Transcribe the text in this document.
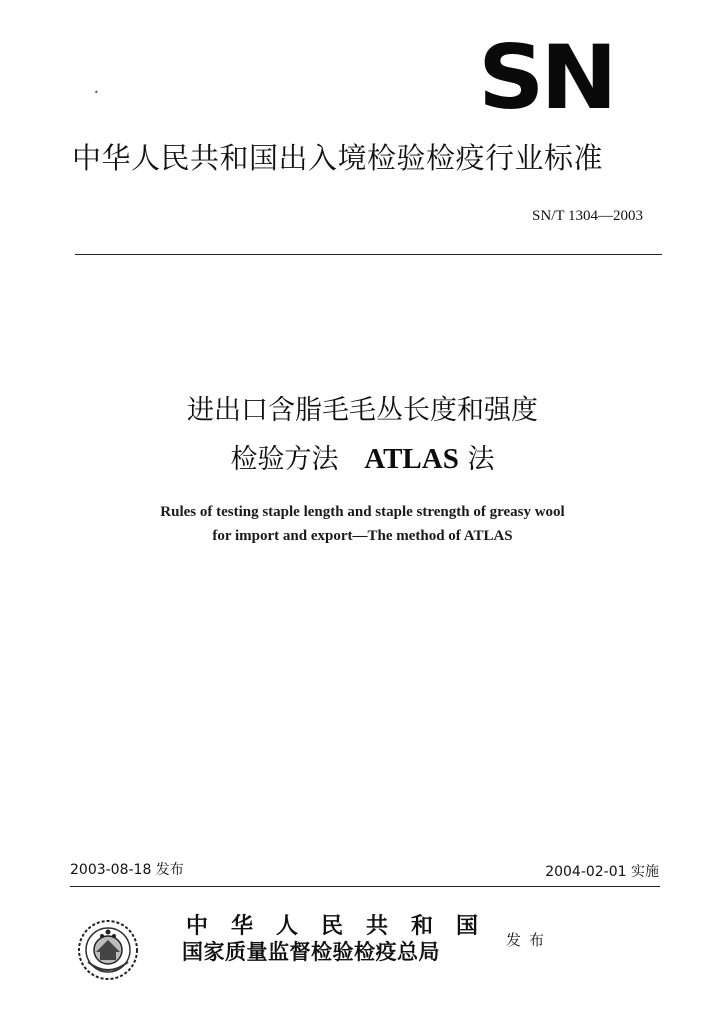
•	SN
中华人民共和国出入境检验检疫行业标准
SN/T 1304—2003
进出口含脂毛毛丛长度和强度
检验方法 ATLAS 法
Rules of testing staple length and staple strength of greasy wool
for import and export—The method of ATLAS
2003-08-18 发布	2004-02-01 实施
中华人民共和国
国家质量监督检验检疫总局	发布
